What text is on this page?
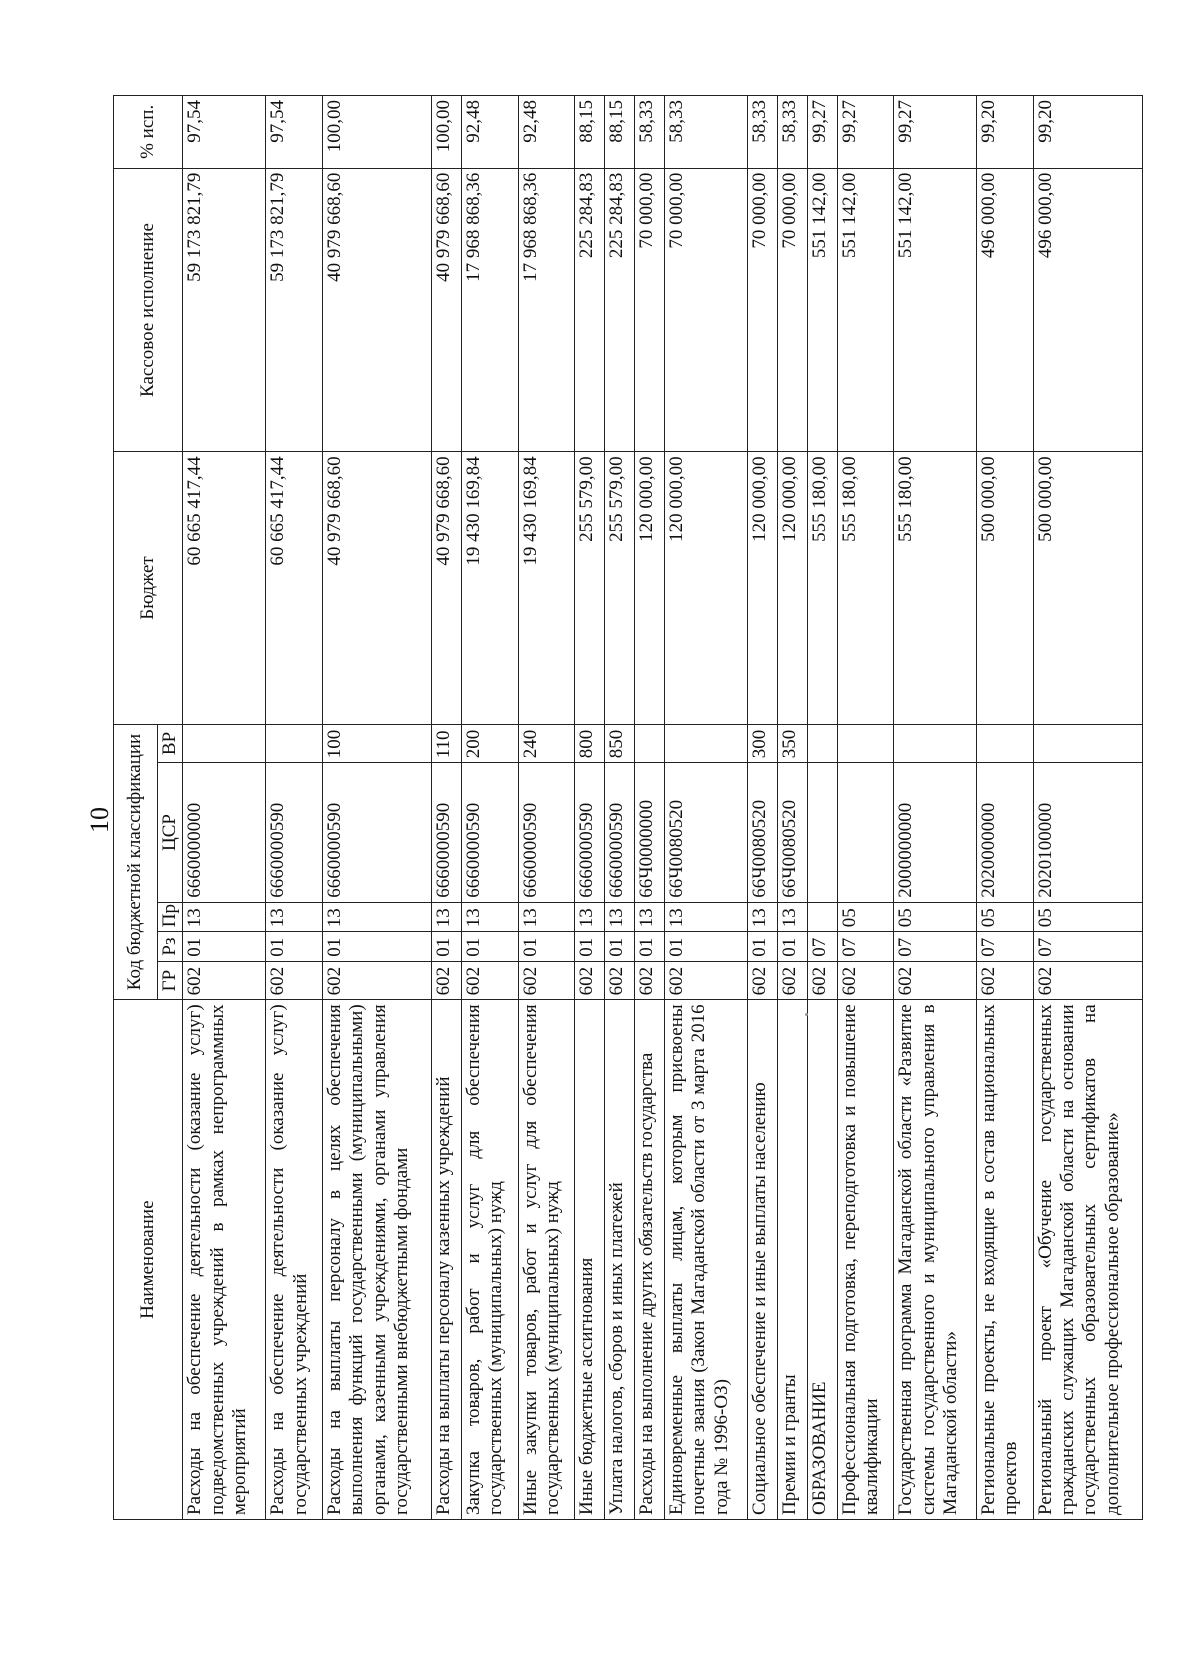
10
Наименование	Код бюджетной классификации					Бюджет	Кассовое исполнение	% исп.
	ГР	Рз	Пр	ЦСР	ВР			
Расходы на обеспечение деятельности (оказание услуг) подведомственных учреждений в рамках непрограммных мероприятий	602	01	13	6660000000		60 665 417,44	59 173 821,79	97,54
Расходы на обеспечение деятельности (оказание услуг) государственных учреждений	602	01	13	6660000590		60 665 417,44	59 173 821,79	97,54
Расходы на выплаты персоналу в целях обеспечения выполнения функций государственными (муниципальными) органами, казенными учреждениями, органами управления государственными внебюджетными фондами	602	01	13	6660000590	100	40 979 668,60	40 979 668,60	100,00
Расходы на выплаты персоналу казенных учреждений	602	01	13	6660000590	110	40 979 668,60	40 979 668,60	100,00
Закупка товаров, работ и услуг для обеспечения государственных (муниципальных) нужд	602	01	13	6660000590	200	19 430 169,84	17 968 868,36	92,48
Иные закупки товаров, работ и услуг для обеспечения государственных (муниципальных) нужд	602	01	13	6660000590	240	19 430 169,84	17 968 868,36	92,48
Иные бюджетные ассигнования	602	01	13	6660000590	800	255 579,00	225 284,83	88,15
Уплата налогов, сборов и иных платежей	602	01	13	6660000590	850	255 579,00	225 284,83	88,15
Расходы на выполнение других обязательств государства	602	01	13	66Ч0000000		120 000,00	70 000,00	58,33
Единовременные выплаты лицам, которым присвоены почетные звания (Закон Магаданской области от 3 марта 2016 года № 1996-ОЗ)	602	01	13	66Ч0080520		120 000,00	70 000,00	58,33
Социальное обеспечение и иные выплаты населению	602	01	13	66Ч0080520	300	120 000,00	70 000,00	58,33
Премии и гранты	602	01	13	66Ч0080520	350	120 000,00	70 000,00	58,33
ОБРАЗОВАНИЕ	602	07				555 180,00	551 142,00	99,27
Профессиональная подготовка, переподготовка и повышение квалификации	602	07	05			555 180,00	551 142,00	99,27
Государственная программа Магаданской области «Развитие системы государственного и муниципального управления в Магаданской области»	602	07	05	2000000000		555 180,00	551 142,00	99,27
Региональные проекты, не входящие в состав национальных проектов	602	07	05	2020000000		500 000,00	496 000,00	99,20
Региональный проект «Обучение государственных гражданских служащих Магаданской области на основании государственных образовательных сертификатов на дополнительное профессиональное образование»	602	07	05	2020100000		500 000,00	496 000,00	99,20
